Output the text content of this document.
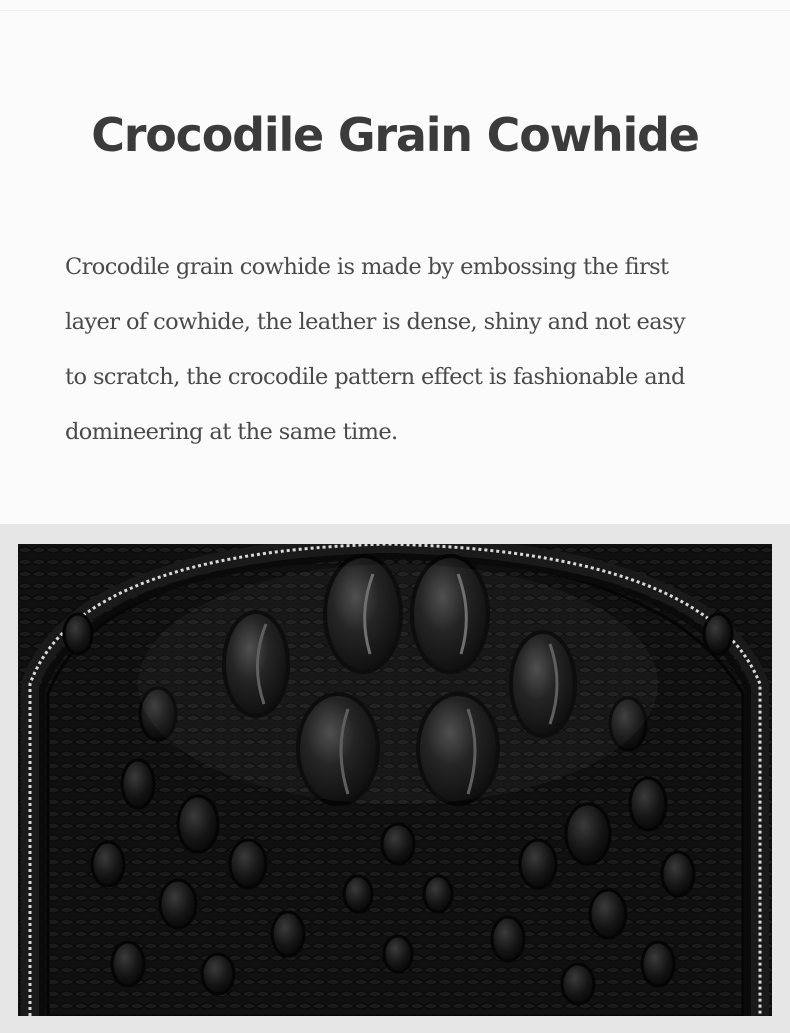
Crocodile Grain Cowhide

Crocodile grain cowhide is made by embossing the first
layer of cowhide, the leather is dense, shiny and not easy
to scratch, the crocodile pattern effect is fashionable and
domineering at the same time.
